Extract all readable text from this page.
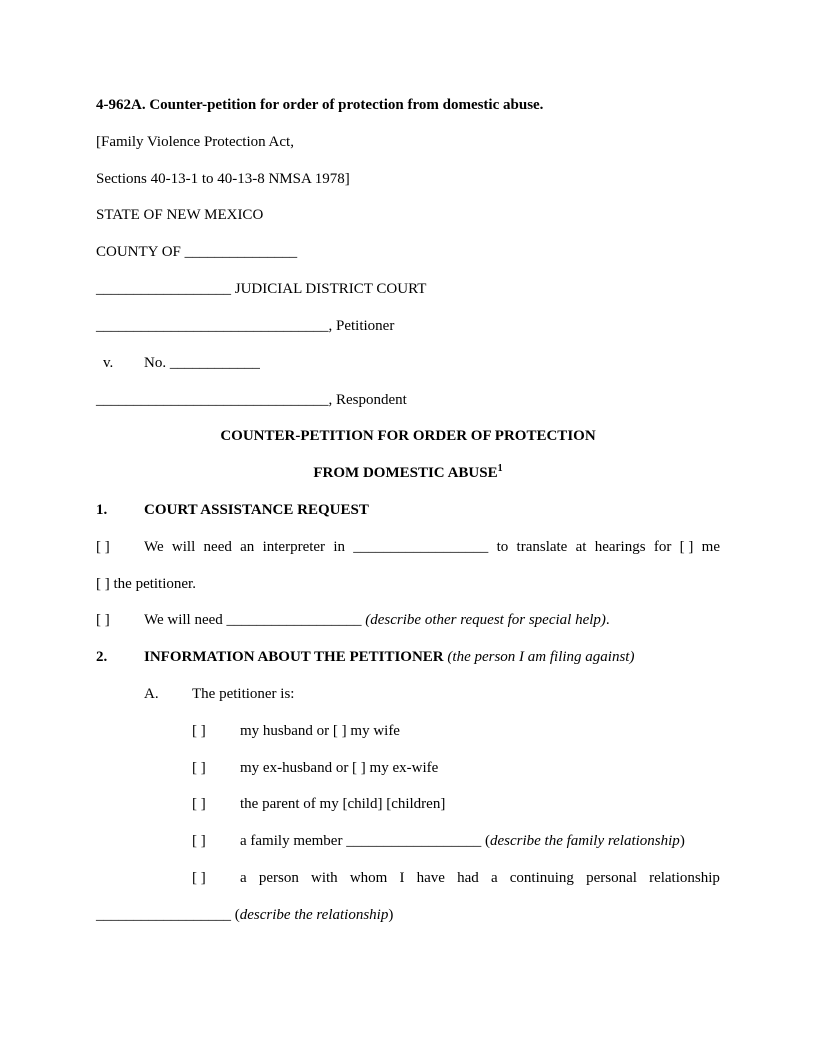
4-962A. Counter-petition for order of protection from domestic abuse.
[Family Violence Protection Act,
Sections 40-13-1 to 40-13-8 NMSA 1978]
STATE OF NEW MEXICO
COUNTY OF _______________
__________________ JUDICIAL DISTRICT COURT
_______________________________, Petitioner
v. No. ____________
_______________________________, Respondent
COUNTER-PETITION FOR ORDER OF PROTECTION
FROM DOMESTIC ABUSE$^1$
1. COURT ASSISTANCE REQUEST
[ ]	We will need an interpreter in __________________ to translate at hearings for [ ] me
[ ] the petitioner.
[ ] We will need __________________ (describe other request for special help).
2. INFORMATION ABOUT THE PETITIONER (the person I am filing against)
A. The petitioner is:
[ ] my husband or [ ] my wife
[ ] my ex-husband or [ ] my ex-wife
[ ] the parent of my [child] [children]
[ ] a family member __________________ (describe the family relationship)
[ ]	a person with whom I have had a continuing personal relationship
__________________ (describe the relationship)
